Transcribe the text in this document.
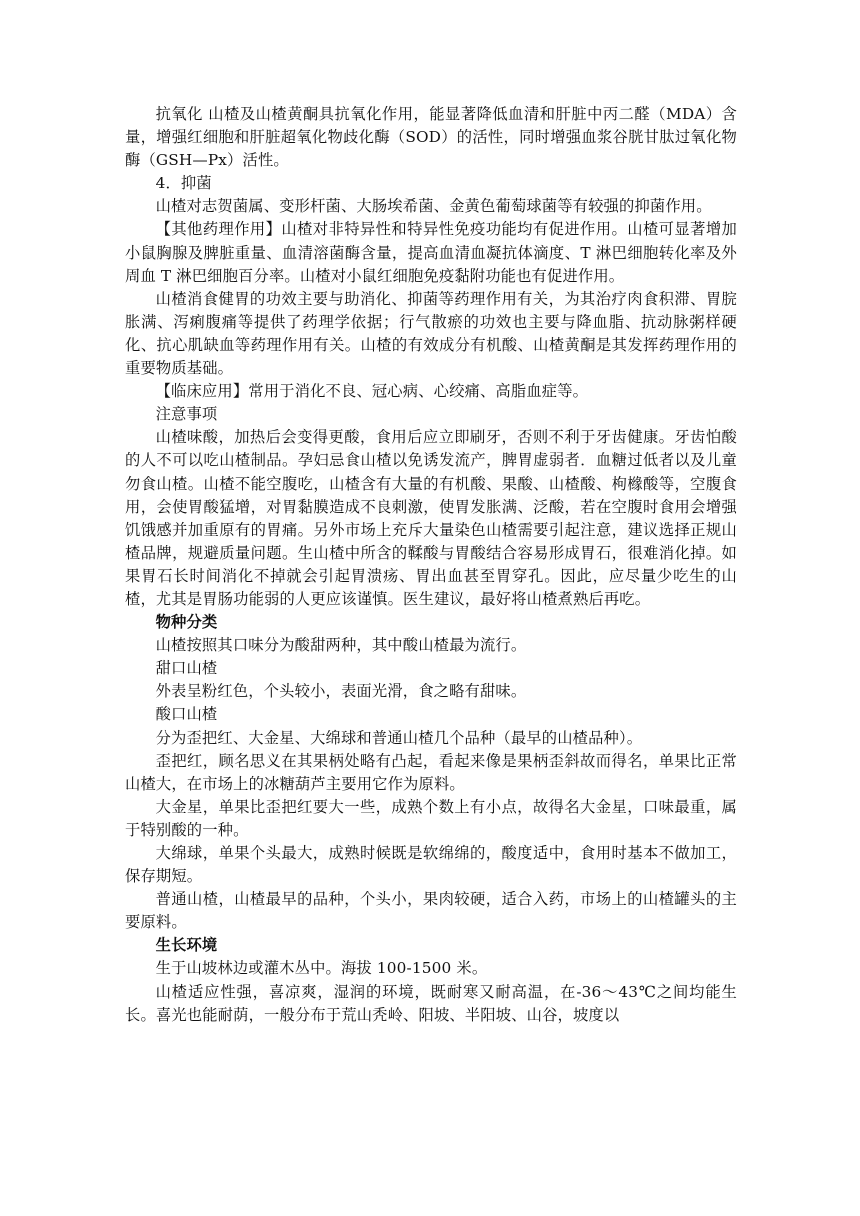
抗氧化 山楂及山楂黄酮具抗氧化作用，能显著降低血清和肝脏中丙二醛（MDA）含量，增强红细胞和肝脏超氧化物歧化酶（SOD）的活性，同时增强血浆谷胱甘肽过氧化物酶（GSH—Px）活性。

4．抑菌

山楂对志贺菌属、变形杆菌、大肠埃希菌、金黄色葡萄球菌等有较强的抑菌作用。

【其他药理作用】山楂对非特异性和特异性免疫功能均有促进作用。山楂可显著增加小鼠胸腺及脾脏重量、血清溶菌酶含量，提高血清血凝抗体滴度、T 淋巴细胞转化率及外周血 T 淋巴细胞百分率。山楂对小鼠红细胞免疫黏附功能也有促进作用。

山楂消食健胃的功效主要与助消化、抑菌等药理作用有关，为其治疗肉食积滞、胃脘胀满、泻痢腹痛等提供了药理学依据；行气散瘀的功效也主要与降血脂、抗动脉粥样硬化、抗心肌缺血等药理作用有关。山楂的有效成分有机酸、山楂黄酮是其发挥药理作用的重要物质基础。

【临床应用】常用于消化不良、冠心病、心绞痛、高脂血症等。

注意事项

山楂味酸，加热后会变得更酸，食用后应立即刷牙，否则不利于牙齿健康。牙齿怕酸的人不可以吃山楂制品。孕妇忌食山楂以免诱发流产，脾胃虚弱者．血糖过低者以及儿童勿食山楂。山楂不能空腹吃，山楂含有大量的有机酸、果酸、山楂酸、枸橼酸等，空腹食用，会使胃酸猛增，对胃黏膜造成不良刺激，使胃发胀满、泛酸，若在空腹时食用会增强饥饿感并加重原有的胃痛。另外市场上充斥大量染色山楂需要引起注意，建议选择正规山楂品牌，规避质量问题。生山楂中所含的鞣酸与胃酸结合容易形成胃石，很难消化掉。如果胃石长时间消化不掉就会引起胃溃疡、胃出血甚至胃穿孔。因此，应尽量少吃生的山楂，尤其是胃肠功能弱的人更应该谨慎。医生建议，最好将山楂煮熟后再吃。

物种分类

山楂按照其口味分为酸甜两种，其中酸山楂最为流行。

甜口山楂

外表呈粉红色，个头较小，表面光滑，食之略有甜味。

酸口山楂

分为歪把红、大金星、大绵球和普通山楂几个品种（最早的山楂品种）。

歪把红，顾名思义在其果柄处略有凸起，看起来像是果柄歪斜故而得名，单果比正常山楂大，在市场上的冰糖葫芦主要用它作为原料。

大金星，单果比歪把红要大一些，成熟个数上有小点，故得名大金星，口味最重，属于特别酸的一种。

大绵球，单果个头最大，成熟时候既是软绵绵的，酸度适中，食用时基本不做加工，保存期短。

普通山楂，山楂最早的品种，个头小，果肉较硬，适合入药，市场上的山楂罐头的主要原料。

生长环境

生于山坡林边或灌木丛中。海拔 100-1500 米。

山楂适应性强，喜凉爽，湿润的环境，既耐寒又耐高温，在-36～43℃之间均能生长。喜光也能耐荫，一般分布于荒山秃岭、阳坡、半阳坡、山谷，坡度以
